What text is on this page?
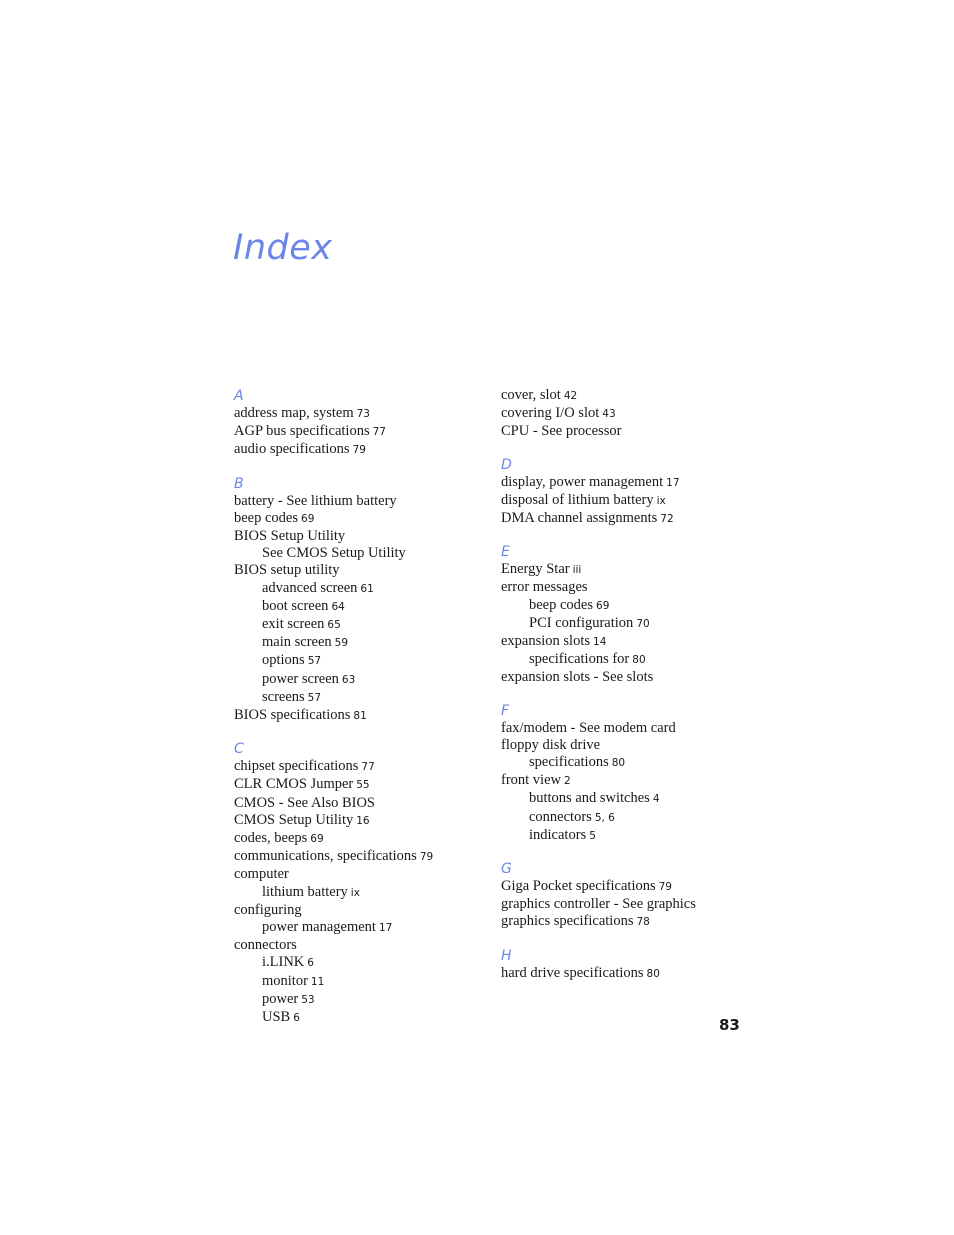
Index
A
address map, system 73
AGP bus specifications 77
audio specifications 79
B
battery - See lithium battery
beep codes 69
BIOS Setup Utility
See CMOS Setup Utility
BIOS setup utility
advanced screen 61
boot screen 64
exit screen 65
main screen 59
options 57
power screen 63
screens 57
BIOS specifications 81
C
chipset specifications 77
CLR CMOS Jumper 55
CMOS - See Also BIOS
CMOS Setup Utility 16
codes, beeps 69
communications, specifications 79
computer
lithium battery ix
configuring
power management 17
connectors
i.LINK 6
monitor 11
power 53
USB 6
cover, slot 42
covering I/O slot 43
CPU - See processor
D
display, power management 17
disposal of lithium battery ix
DMA channel assignments 72
E
Energy Star iii
error messages
beep codes 69
PCI configuration 70
expansion slots 14
specifications for 80
expansion slots - See slots
F
fax/modem - See modem card
floppy disk drive
specifications 80
front view 2
buttons and switches 4
connectors 5, 6
indicators 5
G
Giga Pocket specifications 79
graphics controller - See graphics
graphics specifications 78
H
hard drive specifications 80
83
